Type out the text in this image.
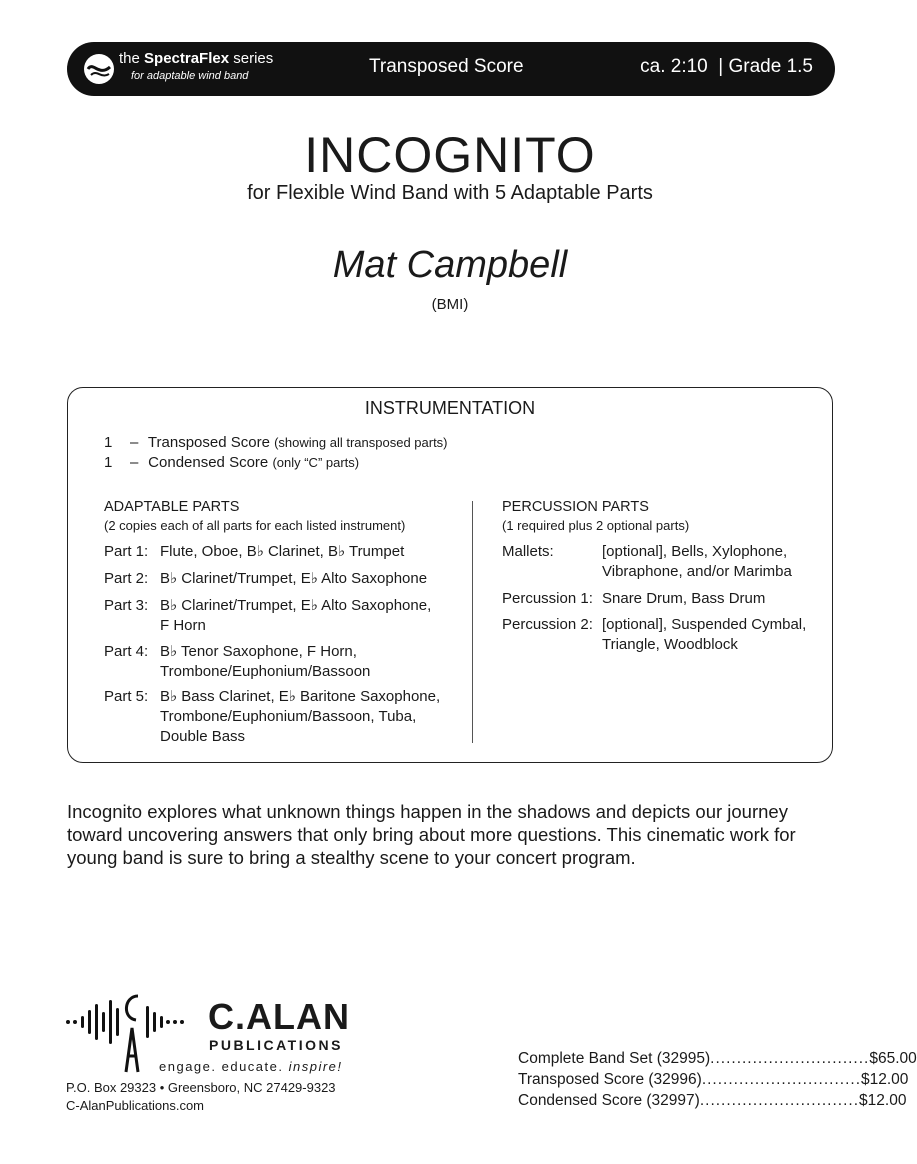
the SpectraFlex series
for adaptable wind band	Transposed Score	ca. 2:10  | Grade 1.5
INCOGNITO
for Flexible Wind Band with 5 Adaptable Parts
Mat Campbell
(BMI)
INSTRUMENTATION
1 – Transposed Score (showing all transposed parts)
1 – Condensed Score (only “C” parts)
ADAPTABLE PARTS
(2 copies each of all parts for each listed instrument)
Part 1: Flute, Oboe, B♭ Clarinet, B♭ Trumpet
Part 2: B♭ Clarinet/Trumpet, E♭ Alto Saxophone
Part 3: B♭ Clarinet/Trumpet, E♭ Alto Saxophone,
F Horn
Part 4: B♭ Tenor Saxophone, F Horn,
Trombone/Euphonium/Bassoon
Part 5: B♭ Bass Clarinet, E♭ Baritone Saxophone,
Trombone/Euphonium/Bassoon, Tuba,
Double Bass
PERCUSSION PARTS
(1 required plus 2 optional parts)
Mallets:	[optional], Bells, Xylophone,
Vibraphone, and/or Marimba
Percussion 1: Snare Drum, Bass Drum
Percussion 2: [optional], Suspended Cymbal,
Triangle, Woodblock
Incognito explores what unknown things happen in the shadows and depicts our journey toward uncovering answers that only bring about more questions. This cinematic work for young band is sure to bring a stealthy scene to your concert program.
C.ALAN
PUBLICATIONS
engage. educate. inspire!
P.O. Box 29323 • Greensboro, NC 27429-9323
C-AlanPublications.com
Complete Band Set (32995) .............................. $65.00
Transposed Score (32996) .............................. $12.00
Condensed Score (32997) .............................. $12.00
